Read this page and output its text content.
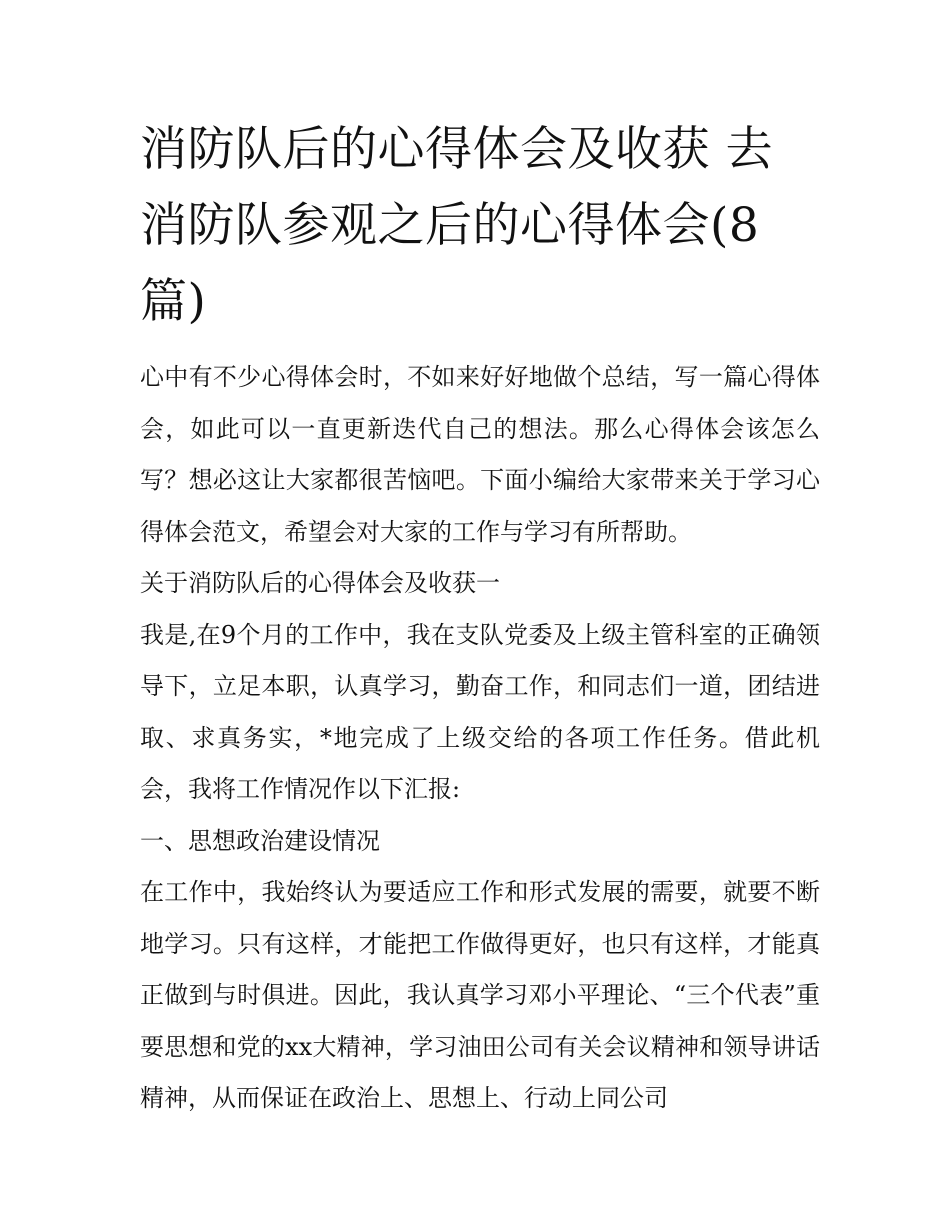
消防队后的心得体会及收获 去消防队参观之后的心得体会(8篇)

心中有不少心得体会时，不如来好好地做个总结，写一篇心得体会，如此可以一直更新迭代自己的想法。那么心得体会该怎么写？想必这让大家都很苦恼吧。下面小编给大家带来关于学习心得体会范文，希望会对大家的工作与学习有所帮助。

关于消防队后的心得体会及收获一

我是,在9个月的工作中，我在支队党委及上级主管科室的正确领导下，立足本职，认真学习，勤奋工作，和同志们一道，团结进取、求真务实，*地完成了上级交给的各项工作任务。借此机会，我将工作情况作以下汇报:

一、思想政治建设情况

在工作中，我始终认为要适应工作和形式发展的需要，就要不断地学习。只有这样，才能把工作做得更好，也只有这样，才能真正做到与时俱进。因此，我认真学习邓小平理论、“三个代表”重要思想和党的xx大精神，学习油田公司有关会议精神和领导讲话精神，从而保证在政治上、思想上、行动上同公司
